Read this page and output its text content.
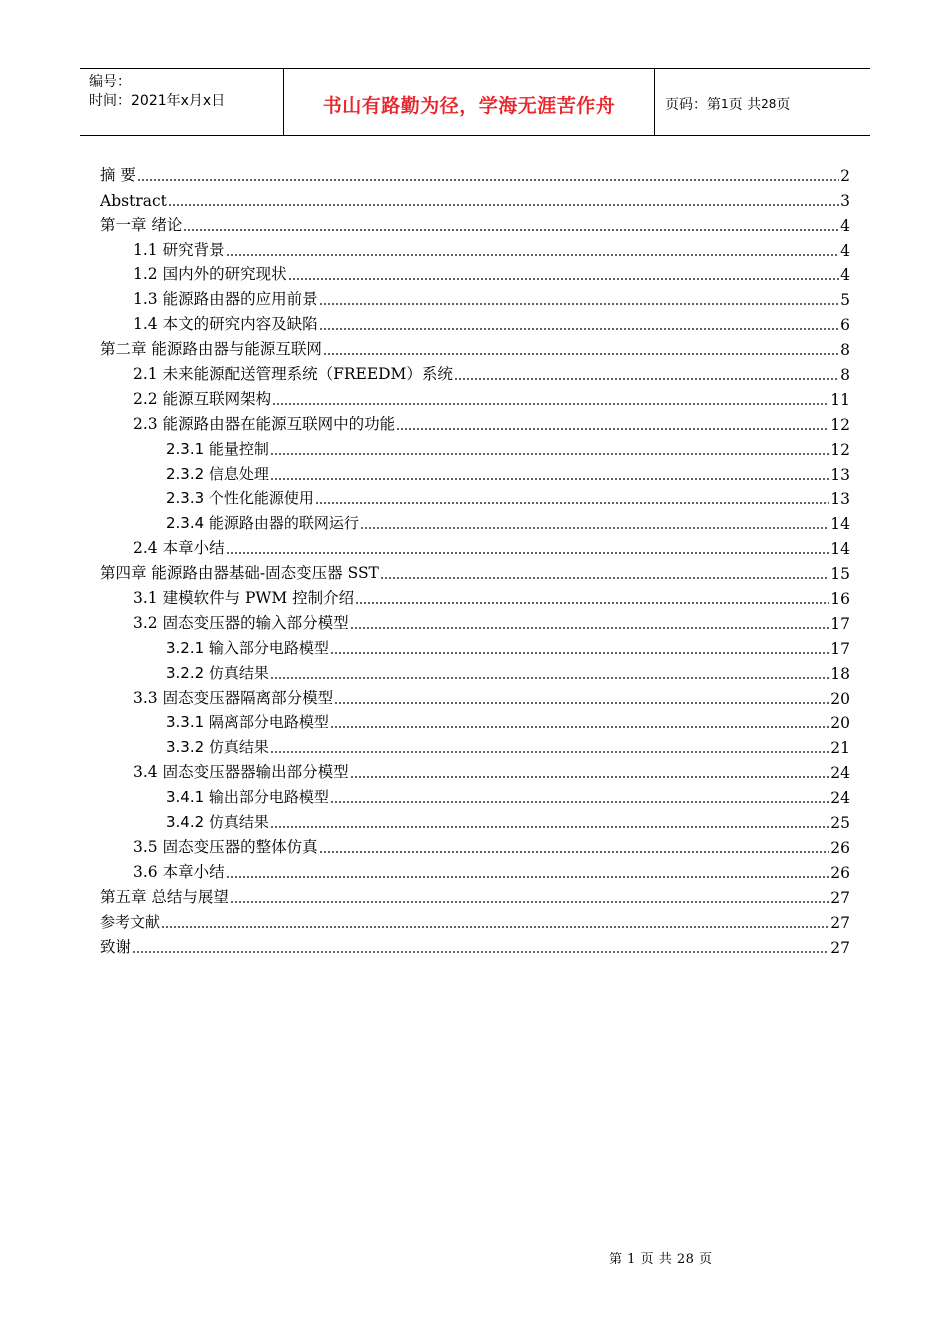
编号：
时间：2021年x月x日	书山有路勤为径，学海无涯苦作舟	页码：第 1 页 共 28 页
摘 要	2
Abstract	3
第一章 绪论	4
1.1 研究背景	4
1.2 国内外的研究现状	4
1.3 能源路由器的应用前景	5
1.4 本文的研究内容及缺陷	6
第二章 能源路由器与能源互联网	8
2.1 未来能源配送管理系统（FREEDM）系统	8
2.2 能源互联网架构	11
2.3 能源路由器在能源互联网中的功能	12
2.3.1 能量控制	12
2.3.2 信息处理	13
2.3.3 个性化能源使用	13
2.3.4 能源路由器的联网运行	14
2.4 本章小结	14
第四章 能源路由器基础-固态变压器 SST	15
3.1 建模软件与 PWM 控制介绍	16
3.2 固态变压器的输入部分模型	17
3.2.1 输入部分电路模型	17
3.2.2 仿真结果	18
3.3 固态变压器隔离部分模型	20
3.3.1 隔离部分电路模型	20
3.3.2 仿真结果	21
3.4 固态变压器器输出部分模型	24
3.4.1 输出部分电路模型	24
3.4.2 仿真结果	25
3.5 固态变压器的整体仿真	26
3.6 本章小结	26
第五章 总结与展望	27
参考文献	27
致谢	27
第 1 页 共 28 页
